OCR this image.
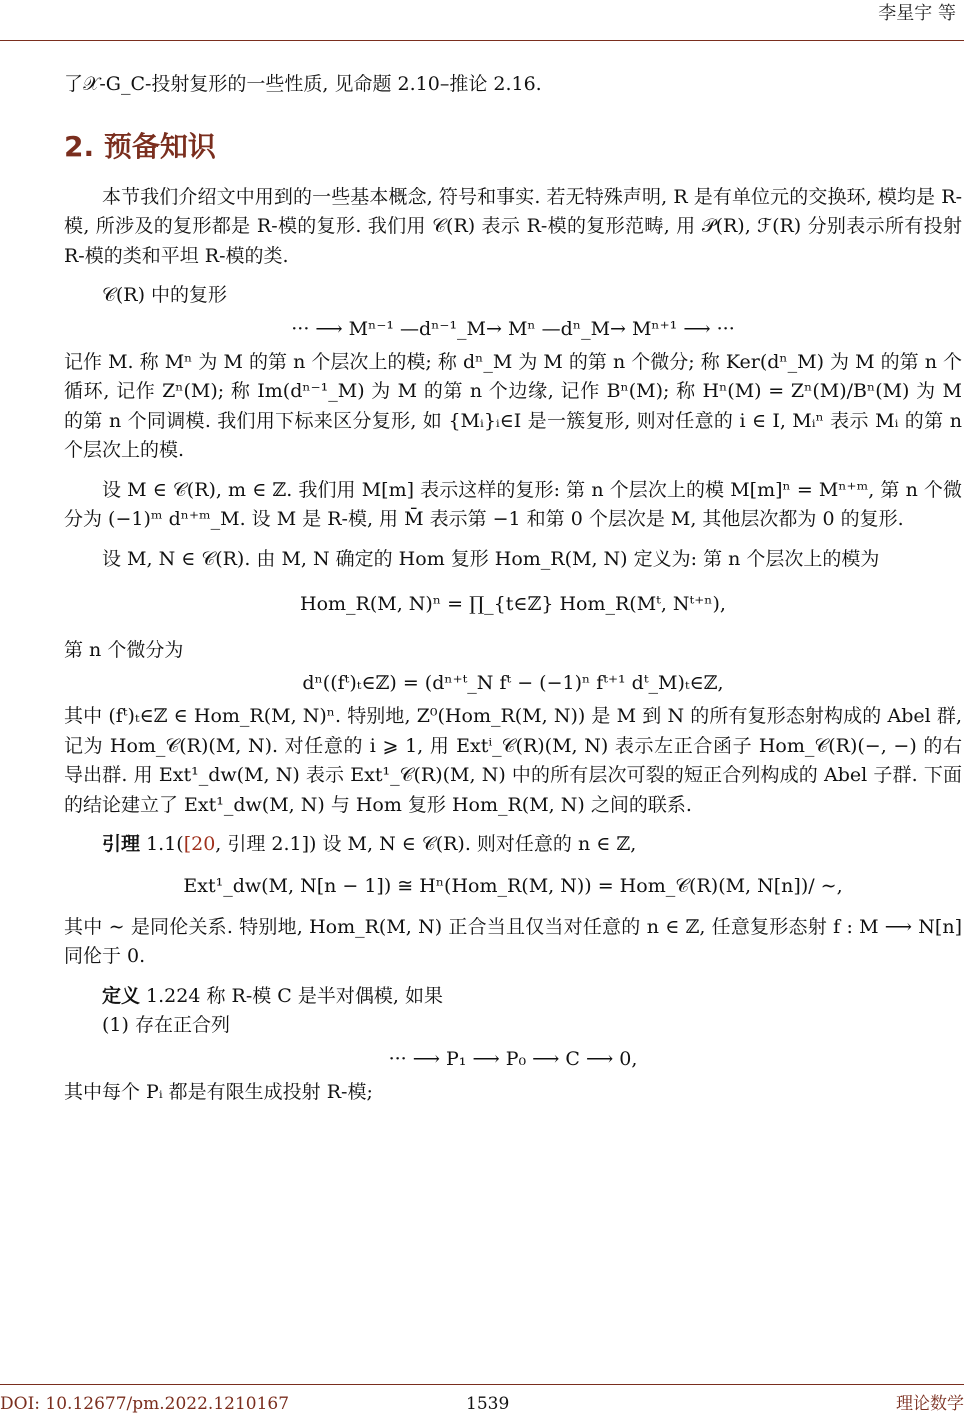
李星宇 等

了𝒳-G_C-投射复形的一些性质, 见命题 2.10–推论 2.16.

2. 预备知识

本节我们介绍文中用到的一些基本概念, 符号和事实. 若无特殊声明, R 是有单位元的交换环, 模均是 R-模, 所涉及的复形都是 R-模的复形. 我们用 𝒞(R) 表示 R-模的复形范畴, 用 𝒫(R), ℱ(R) 分别表示所有投射 R-模的类和平坦 R-模的类.

𝒞(R) 中的复形

··· ⟶ Mⁿ⁻¹ —dⁿ⁻¹_M→ Mⁿ —dⁿ_M→ Mⁿ⁺¹ ⟶ ···

记作 M. 称 Mⁿ 为 M 的第 n 个层次上的模; 称 dⁿ_M 为 M 的第 n 个微分; 称 Ker(dⁿ_M) 为 M 的第 n 个循环, 记作 Zⁿ(M); 称 Im(dⁿ⁻¹_M) 为 M 的第 n 个边缘, 记作 Bⁿ(M); 称 Hⁿ(M) = Zⁿ(M)/Bⁿ(M) 为 M 的第 n 个同调模. 我们用下标来区分复形, 如 {Mᵢ}ᵢ∈I 是一簇复形, 则对任意的 i ∈ I, Mᵢⁿ 表示 Mᵢ 的第 n 个层次上的模.

设 M ∈ 𝒞(R), m ∈ ℤ. 我们用 M[m] 表示这样的复形: 第 n 个层次上的模 M[m]ⁿ = Mⁿ⁺ᵐ, 第 n 个微分为 (−1)ᵐ dⁿ⁺ᵐ_M. 设 M 是 R-模, 用 M̄ 表示第 −1 和第 0 个层次是 M, 其他层次都为 0 的复形.

设 M, N ∈ 𝒞(R). 由 M, N 确定的 Hom 复形 Hom_R(M, N) 定义为: 第 n 个层次上的模为

Hom_R(M, N)ⁿ = ∏_{t∈ℤ} Hom_R(Mᵗ, Nᵗ⁺ⁿ),

第 n 个微分为

dⁿ((fᵗ)ₜ∈ℤ) = (dⁿ⁺ᵗ_N fᵗ − (−1)ⁿ fᵗ⁺¹ dᵗ_M)ₜ∈ℤ,

其中 (fᵗ)ₜ∈ℤ ∈ Hom_R(M, N)ⁿ. 特别地, Z⁰(Hom_R(M, N)) 是 M 到 N 的所有复形态射构成的 Abel 群, 记为 Hom_𝒞(R)(M, N). 对任意的 i ⩾ 1, 用 Extⁱ_𝒞(R)(M, N) 表示左正合函子 Hom_𝒞(R)(−, −) 的右导出群. 用 Ext¹_dw(M, N) 表示 Ext¹_𝒞(R)(M, N) 中的所有层次可裂的短正合列构成的 Abel 子群. 下面的结论建立了 Ext¹_dw(M, N) 与 Hom 复形 Hom_R(M, N) 之间的联系.

引理 1.1([20, 引理 2.1]) 设 M, N ∈ 𝒞(R). 则对任意的 n ∈ ℤ,

Ext¹_dw(M, N[n − 1]) ≅ Hⁿ(Hom_R(M, N)) = Hom_𝒞(R)(M, N[n])/ ∼,

其中 ∼ 是同伦关系. 特别地, Hom_R(M, N) 正合当且仅当对任意的 n ∈ ℤ, 任意复形态射 f : M ⟶ N[n] 同伦于 0.

定义 1.224 称 R-模 C 是半对偶模, 如果

(1) 存在正合列

··· ⟶ P₁ ⟶ P₀ ⟶ C ⟶ 0,

其中每个 Pᵢ 都是有限生成投射 R-模;

DOI: 10.12677/pm.2022.1210167	1539	理论数学
